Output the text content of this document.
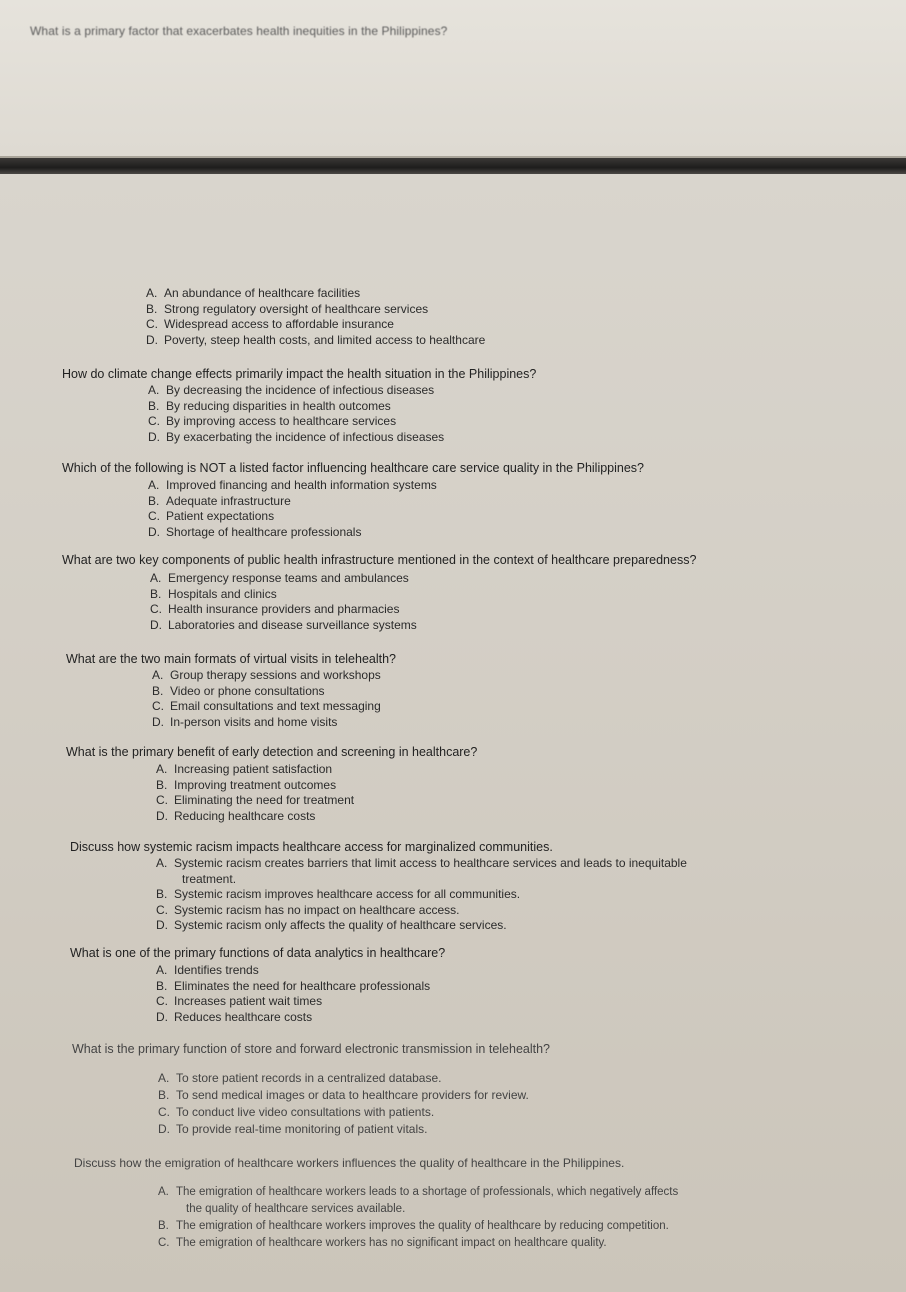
What is a primary factor that exacerbates health inequities in the Philippines?
A. An abundance of healthcare facilities
B. Strong regulatory oversight of healthcare services
C. Widespread access to affordable insurance
D. Poverty, steep health costs, and limited access to healthcare
How do climate change effects primarily impact the health situation in the Philippines?
A. By decreasing the incidence of infectious diseases
B. By reducing disparities in health outcomes
C. By improving access to healthcare services
D. By exacerbating the incidence of infectious diseases
Which of the following is NOT a listed factor influencing healthcare care service quality in the Philippines?
A. Improved financing and health information systems
B. Adequate infrastructure
C. Patient expectations
D. Shortage of healthcare professionals
What are two key components of public health infrastructure mentioned in the context of healthcare preparedness?
A. Emergency response teams and ambulances
B. Hospitals and clinics
C. Health insurance providers and pharmacies
D. Laboratories and disease surveillance systems
What are the two main formats of virtual visits in telehealth?
A. Group therapy sessions and workshops
B. Video or phone consultations
C. Email consultations and text messaging
D. In-person visits and home visits
What is the primary benefit of early detection and screening in healthcare?
A. Increasing patient satisfaction
B. Improving treatment outcomes
C. Eliminating the need for treatment
D. Reducing healthcare costs
Discuss how systemic racism impacts healthcare access for marginalized communities.
A. Systemic racism creates barriers that limit access to healthcare services and leads to inequitable
treatment.
B. Systemic racism improves healthcare access for all communities.
C. Systemic racism has no impact on healthcare access.
D. Systemic racism only affects the quality of healthcare services.
What is one of the primary functions of data analytics in healthcare?
A. Identifies trends
B. Eliminates the need for healthcare professionals
C. Increases patient wait times
D. Reduces healthcare costs
What is the primary function of store and forward electronic transmission in telehealth?
A. To store patient records in a centralized database.
B. To send medical images or data to healthcare providers for review.
C. To conduct live video consultations with patients.
D. To provide real-time monitoring of patient vitals.
Discuss how the emigration of healthcare workers influences the quality of healthcare in the Philippines.
A. The emigration of healthcare workers leads to a shortage of professionals, which negatively affects
the quality of healthcare services available.
B. The emigration of healthcare workers improves the quality of healthcare by reducing competition.
C. The emigration of healthcare workers has no significant impact on healthcare quality.
